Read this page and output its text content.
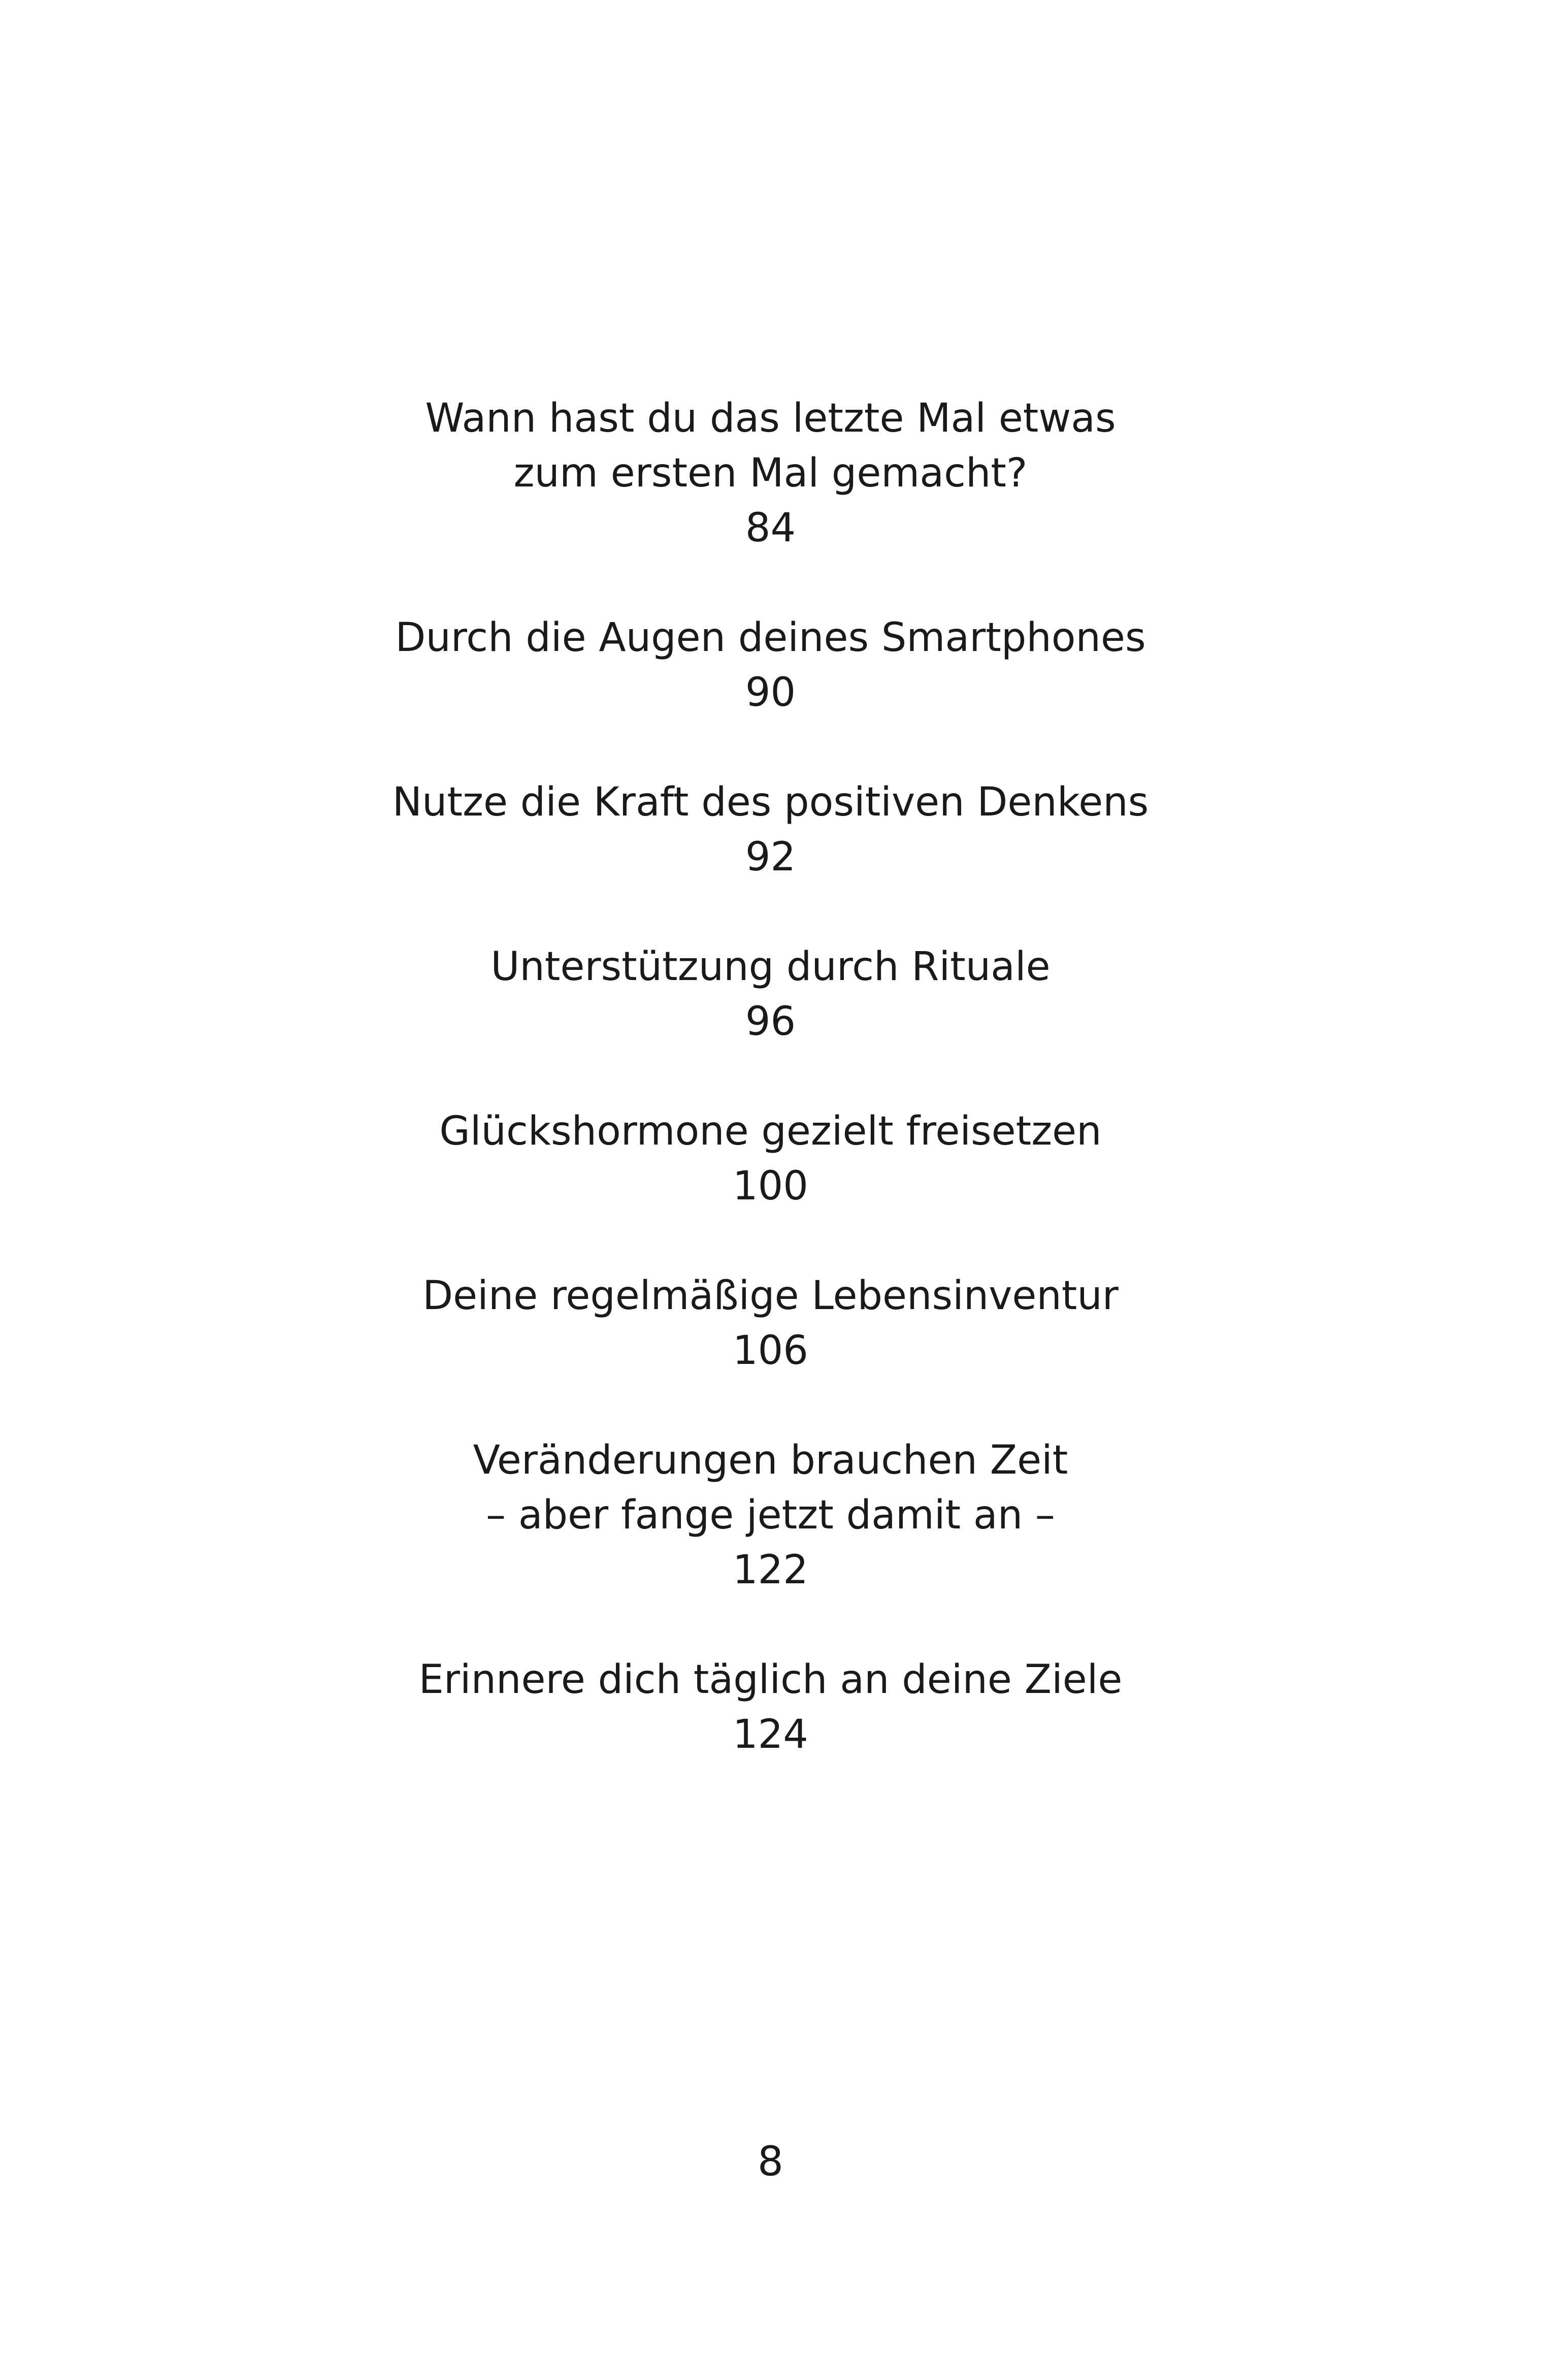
Wann hast du das letzte Mal etwas
zum ersten Mal gemacht?
84
Durch die Augen deines Smartphones
90
Nutze die Kraft des positiven Denkens
92
Unterstützung durch Rituale
96
Glückshormone gezielt freisetzen
100
Deine regelmäßige Lebensinventur
106
Veränderungen brauchen Zeit
– aber fange jetzt damit an –
122
Erinnere dich täglich an deine Ziele
124
8
